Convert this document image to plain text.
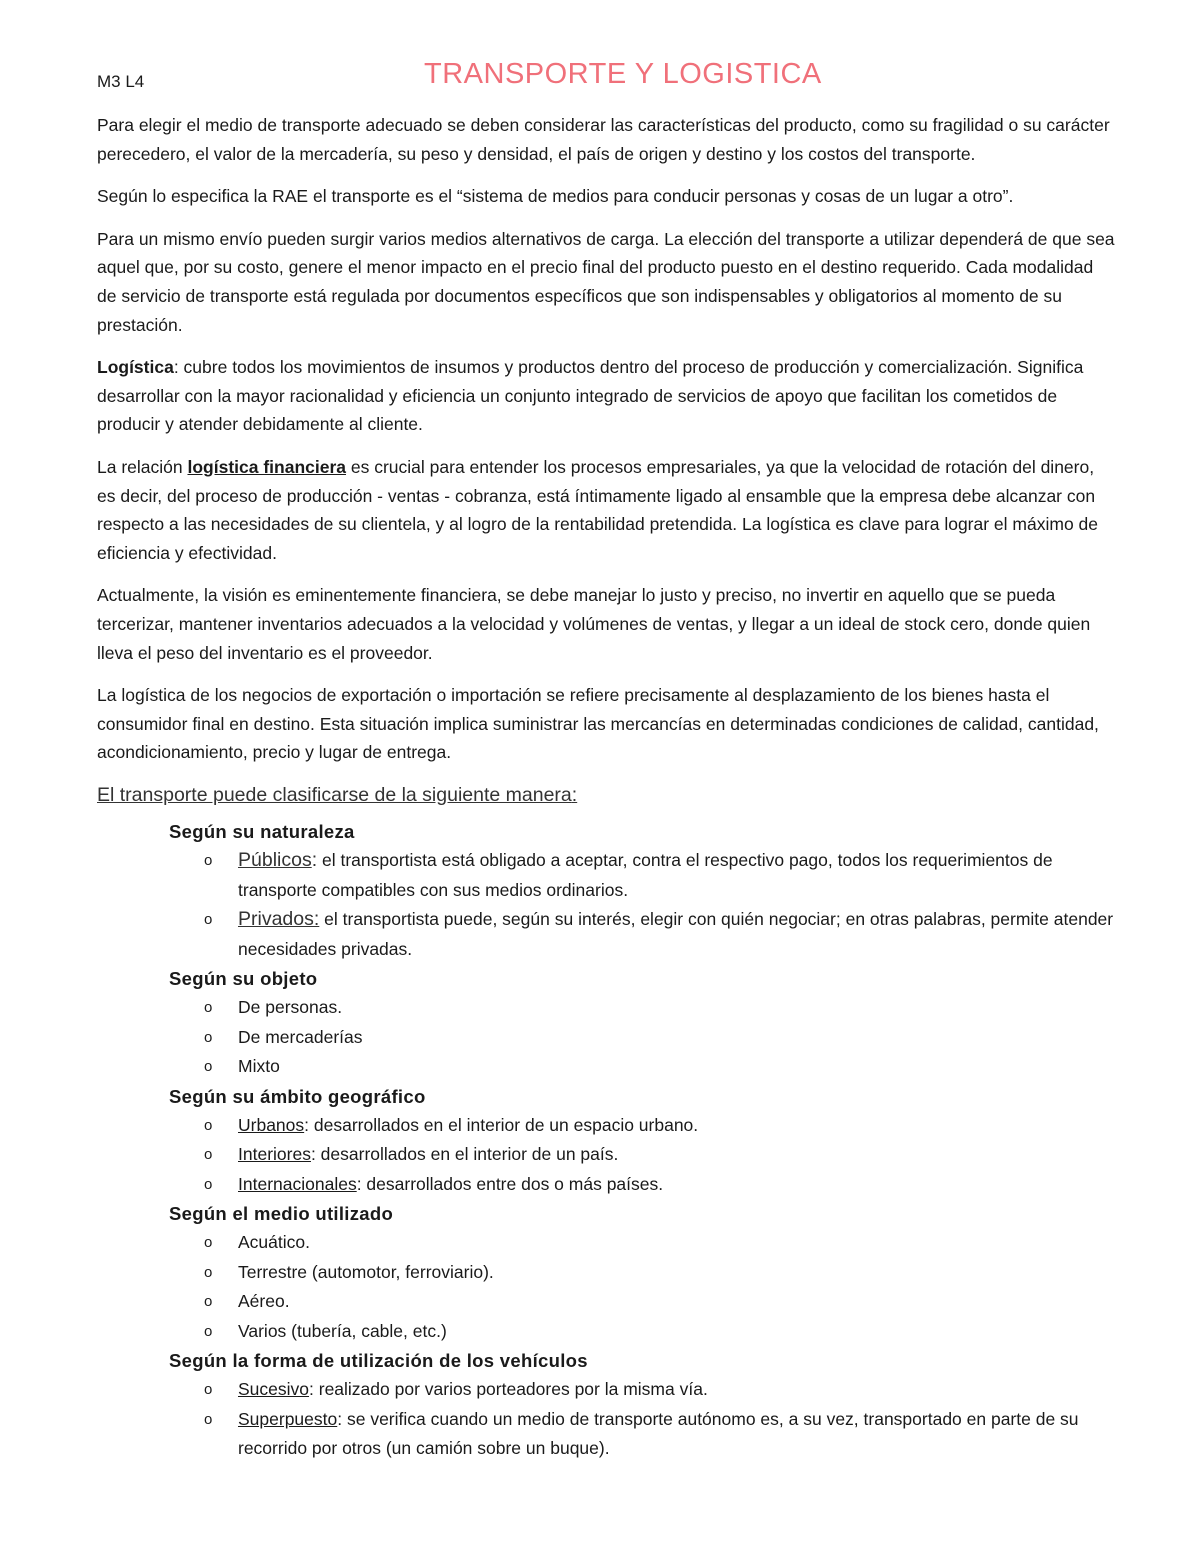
M3 L4	TRANSPORTE Y LOGISTICA

Para elegir el medio de transporte adecuado se deben considerar las características del producto, como su fragilidad o su carácter perecedero, el valor de la mercadería, su peso y densidad, el país de origen y destino y los costos del transporte.

Según lo especifica la RAE el transporte es el “sistema de medios para conducir personas y cosas de un lugar a otro”.

Para un mismo envío pueden surgir varios medios alternativos de carga. La elección del transporte a utilizar dependerá de que sea aquel que, por su costo, genere el menor impacto en el precio final del producto puesto en el destino requerido. Cada modalidad de servicio de transporte está regulada por documentos específicos que son indispensables y obligatorios al momento de su prestación.

Logística: cubre todos los movimientos de insumos y productos dentro del proceso de producción y comercialización. Significa desarrollar con la mayor racionalidad y eficiencia un conjunto integrado de servicios de apoyo que facilitan los cometidos de producir y atender debidamente al cliente.

La relación logística financiera es crucial para entender los procesos empresariales, ya que la velocidad de rotación del dinero, es decir, del proceso de producción - ventas - cobranza, está íntimamente ligado al ensamble que la empresa debe alcanzar con respecto a las necesidades de su clientela, y al logro de la rentabilidad pretendida. La logística es clave para lograr el máximo de eficiencia y efectividad.

Actualmente, la visión es eminentemente financiera, se debe manejar lo justo y preciso, no invertir en aquello que se pueda tercerizar, mantener inventarios adecuados a la velocidad y volúmenes de ventas, y llegar a un ideal de stock cero, donde quien lleva el peso del inventario es el proveedor.

La logística de los negocios de exportación o importación se refiere precisamente al desplazamiento de los bienes hasta el consumidor final en destino. Esta situación implica suministrar las mercancías en determinadas condiciones de calidad, cantidad, acondicionamiento, precio y lugar de entrega.

El transporte puede clasificarse de la siguiente manera:
Según su naturaleza
o Públicos: el transportista está obligado a aceptar, contra el respectivo pago, todos los requerimientos de transporte compatibles con sus medios ordinarios.
o Privados: el transportista puede, según su interés, elegir con quién negociar; en otras palabras, permite atender necesidades privadas.
Según su objeto
o De personas.
o De mercaderías
o Mixto
Según su ámbito geográfico
o Urbanos: desarrollados en el interior de un espacio urbano.
o Interiores: desarrollados en el interior de un país.
o Internacionales: desarrollados entre dos o más países.
Según el medio utilizado
o Acuático.
o Terrestre (automotor, ferroviario).
o Aéreo.
o Varios (tubería, cable, etc.)
Según la forma de utilización de los vehículos
o Sucesivo: realizado por varios porteadores por la misma vía.
o Superpuesto: se verifica cuando un medio de transporte autónomo es, a su vez, transportado en parte de su recorrido por otros (un camión sobre un buque).
